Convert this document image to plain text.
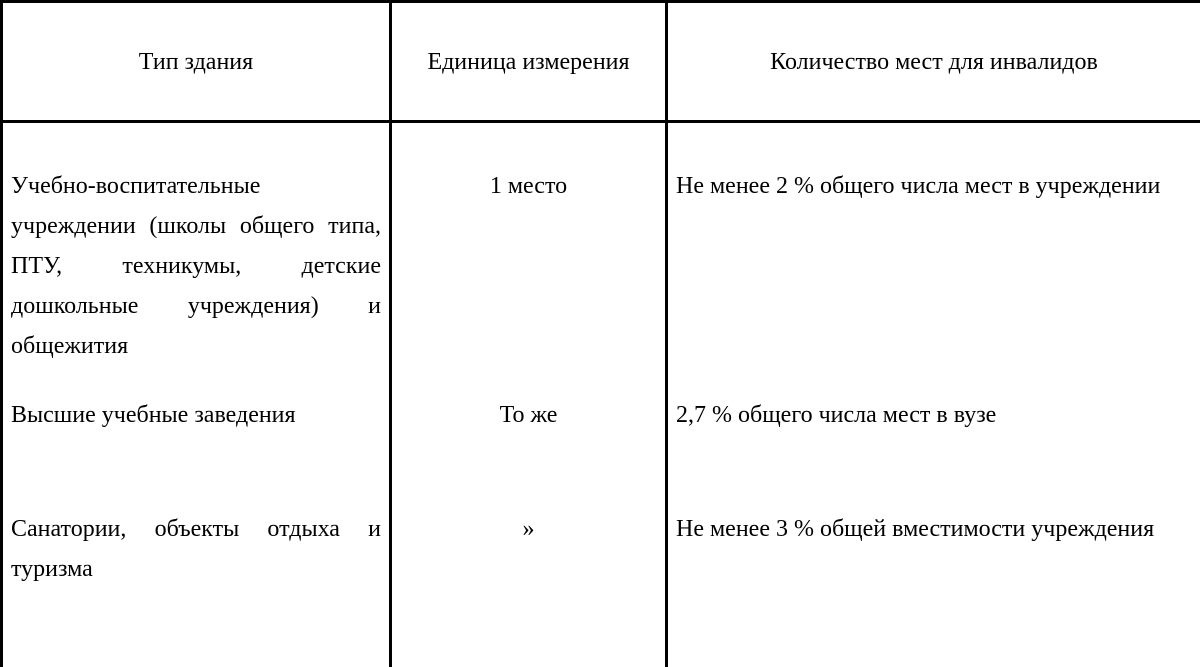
Тип здания	Единица измерения	Количество мест для инвалидов
Учебно-воспитательные учреждении (школы общего типа, ПТУ, техникумы, детские дошкольные учреждения) и общежития	1 место	Не менее 2 % общего числа мест в учреждении
Высшие учебные заведения	То же	2,7 % общего числа мест в вузе
Санатории, объекты отдыха и туризма	»	Не менее 3 % общей вместимости учреждения
